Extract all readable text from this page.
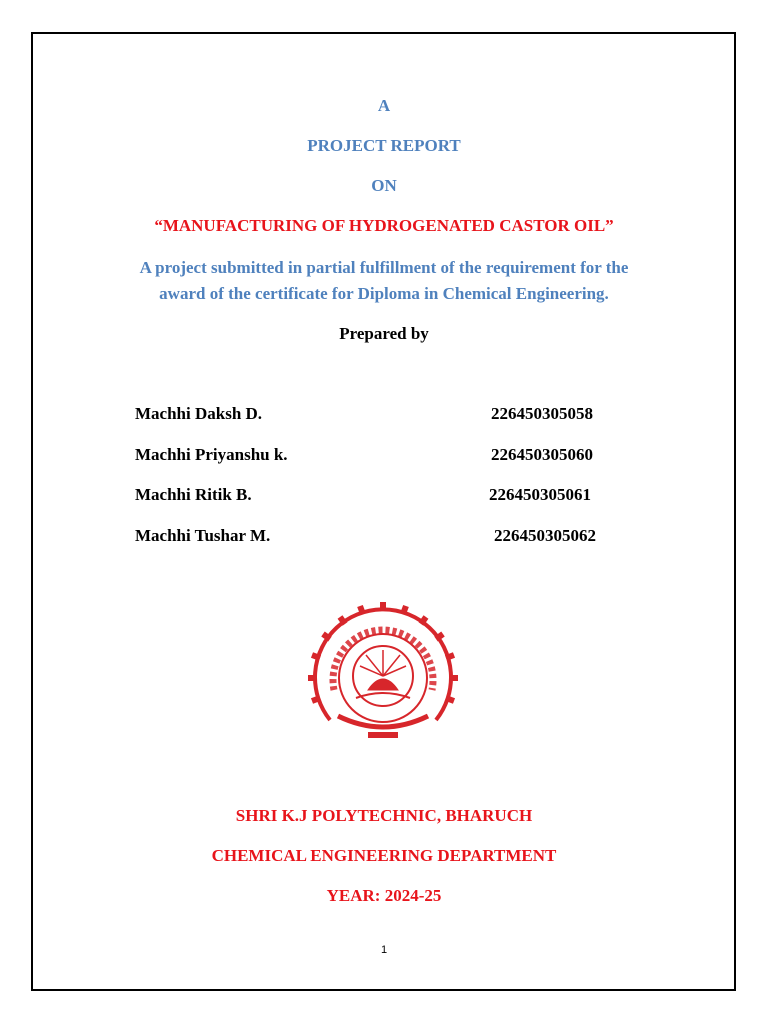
A

PROJECT REPORT

ON

“MANUFACTURING OF HYDROGENATED CASTOR OIL”

A project submitted in partial fulfillment of the requirement for the

award of the certificate for Diploma in Chemical Engineering.

Prepared by

Machhi Daksh D.	226450305058
Machhi Priyanshu k.	226450305060
Machhi Ritik B.	226450305061
Machhi Tushar M.	226450305062

SHRI K.J POLYTECHNIC, BHARUCH

CHEMICAL ENGINEERING DEPARTMENT

YEAR: 2024-25

1
